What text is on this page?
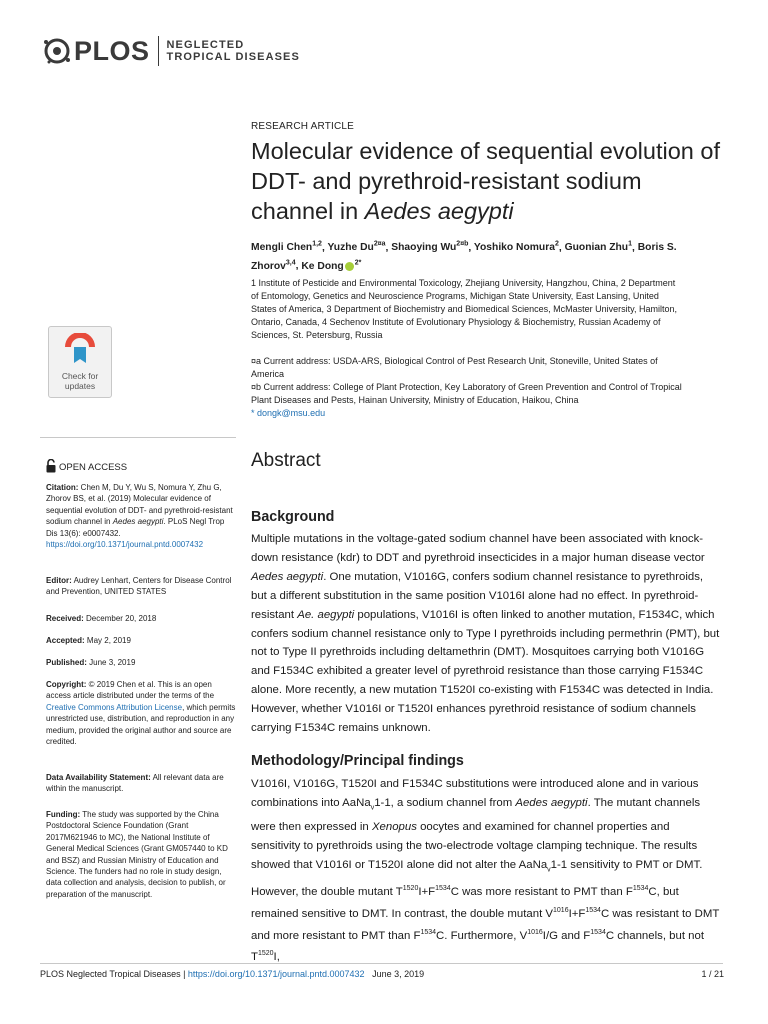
PLOS NEGLECTED
TROPICAL DISEASES
Check for
updates
OPEN ACCESS
Citation: Chen M, Du Y, Wu S, Nomura Y, Zhu G, Zhorov BS, et al. (2019) Molecular evidence of sequential evolution of DDT- and pyrethroid-resistant sodium channel in Aedes aegypti. PLoS Negl Trop Dis 13(6): e0007432. https://doi.org/10.1371/journal.pntd.0007432
Editor: Audrey Lenhart, Centers for Disease Control and Prevention, UNITED STATES
Received: December 20, 2018
Accepted: May 2, 2019
Published: June 3, 2019
Copyright: © 2019 Chen et al. This is an open access article distributed under the terms of the Creative Commons Attribution License, which permits unrestricted use, distribution, and reproduction in any medium, provided the original author and source are credited.
Data Availability Statement: All relevant data are within the manuscript.
Funding: The study was supported by the China Postdoctoral Science Foundation (Grant 2017M621946 to MC), the National Institute of General Medical Sciences (Grant GM057440 to KD and BSZ) and Russian Ministry of Education and Science. The funders had no role in study design, data collection and analysis, decision to publish, or preparation of the manuscript.
RESEARCH ARTICLE
Molecular evidence of sequential evolution of
DDT- and pyrethroid-resistant sodium
channel in Aedes aegypti
Mengli Chen$^{1,2}$, Yuzhe $Du^{2¤a}$, Shaoying $Wu^{2¤b}$, Yoshiko Nomura$^2$, Guonian Zhu$^1$, Boris S. Zhorov$^{3,4}$, Ke Dong $^{2*}$
1 Institute of Pesticide and Environmental Toxicology, Zhejiang University, Hangzhou, China, 2 Department
of Entomology, Genetics and Neuroscience Programs, Michigan State University, East Lansing, United
States of America, 3 Department of Biochemistry and Biomedical Sciences, McMaster University, Hamilton,
Ontario, Canada, 4 Sechenov Institute of Evolutionary Physiology & Biochemistry, Russian Academy of
Sciences, St. Petersburg, Russia
¤a Current address: USDA-ARS, Biological Control of Pest Research Unit, Stoneville, United States of
America
¤b Current address: College of Plant Protection, Key Laboratory of Green Prevention and Control of Tropical
Plant Diseases and Pests, Hainan University, Ministry of Education, Haikou, China
* dongk@msu.edu
Abstract
Background
Multiple mutations in the voltage-gated sodium channel have been associated with knock-down resistance (kdr) to DDT and pyrethroid insecticides in a major human disease vector Aedes aegypti. One mutation, V1016G, confers sodium channel resistance to pyrethroids, but a different substitution in the same position V1016I alone had no effect. In pyrethroid-resistant Ae. aegypti populations, V1016I is often linked to another mutation, F1534C, which confers sodium channel resistance only to Type I pyrethroids including permethrin (PMT), but not to Type II pyrethroids including deltamethrin (DMT). Mosquitoes carrying both V1016G and F1534C exhibited a greater level of pyrethroid resistance than those carrying F1534C alone. More recently, a new mutation T1520I co-existing with F1534C was detected in India. However, whether V1016I or T1520I enhances pyrethroid resistance of sodium channels carrying F1534C remains unknown.
Methodology/Principal findings
V1016I, V1016G, T1520I and F1534C substitutions were introduced alone and in various combinations into AaNa$_v$1-1, a sodium channel from Aedes aegypti. The mutant channels were then expressed in Xenopus oocytes and examined for channel properties and sensitivity to pyrethroids using the two-electrode voltage clamping technique. The results showed that V1016I or T1520I alone did not alter the AaNa$_v$1-1 sensitivity to PMT or DMT. However, the double mutant $T^{1520}I+F^{1534}C$ was more resistant to PMT than $F^{1534}C$, but remained sensitive to DMT. In contrast, the double mutant $V^{1016}I+F^{1534}C$ was resistant to DMT and more resistant to PMT than $F^{1534}C$. Furthermore, $V^{1016}I/G$ and $F^{1534}C$ channels, but not $T^{1520}I$,
PLOS Neglected Tropical Diseases | https://doi.org/10.1371/journal.pntd.0007432 June 3, 2019	1 / 21
